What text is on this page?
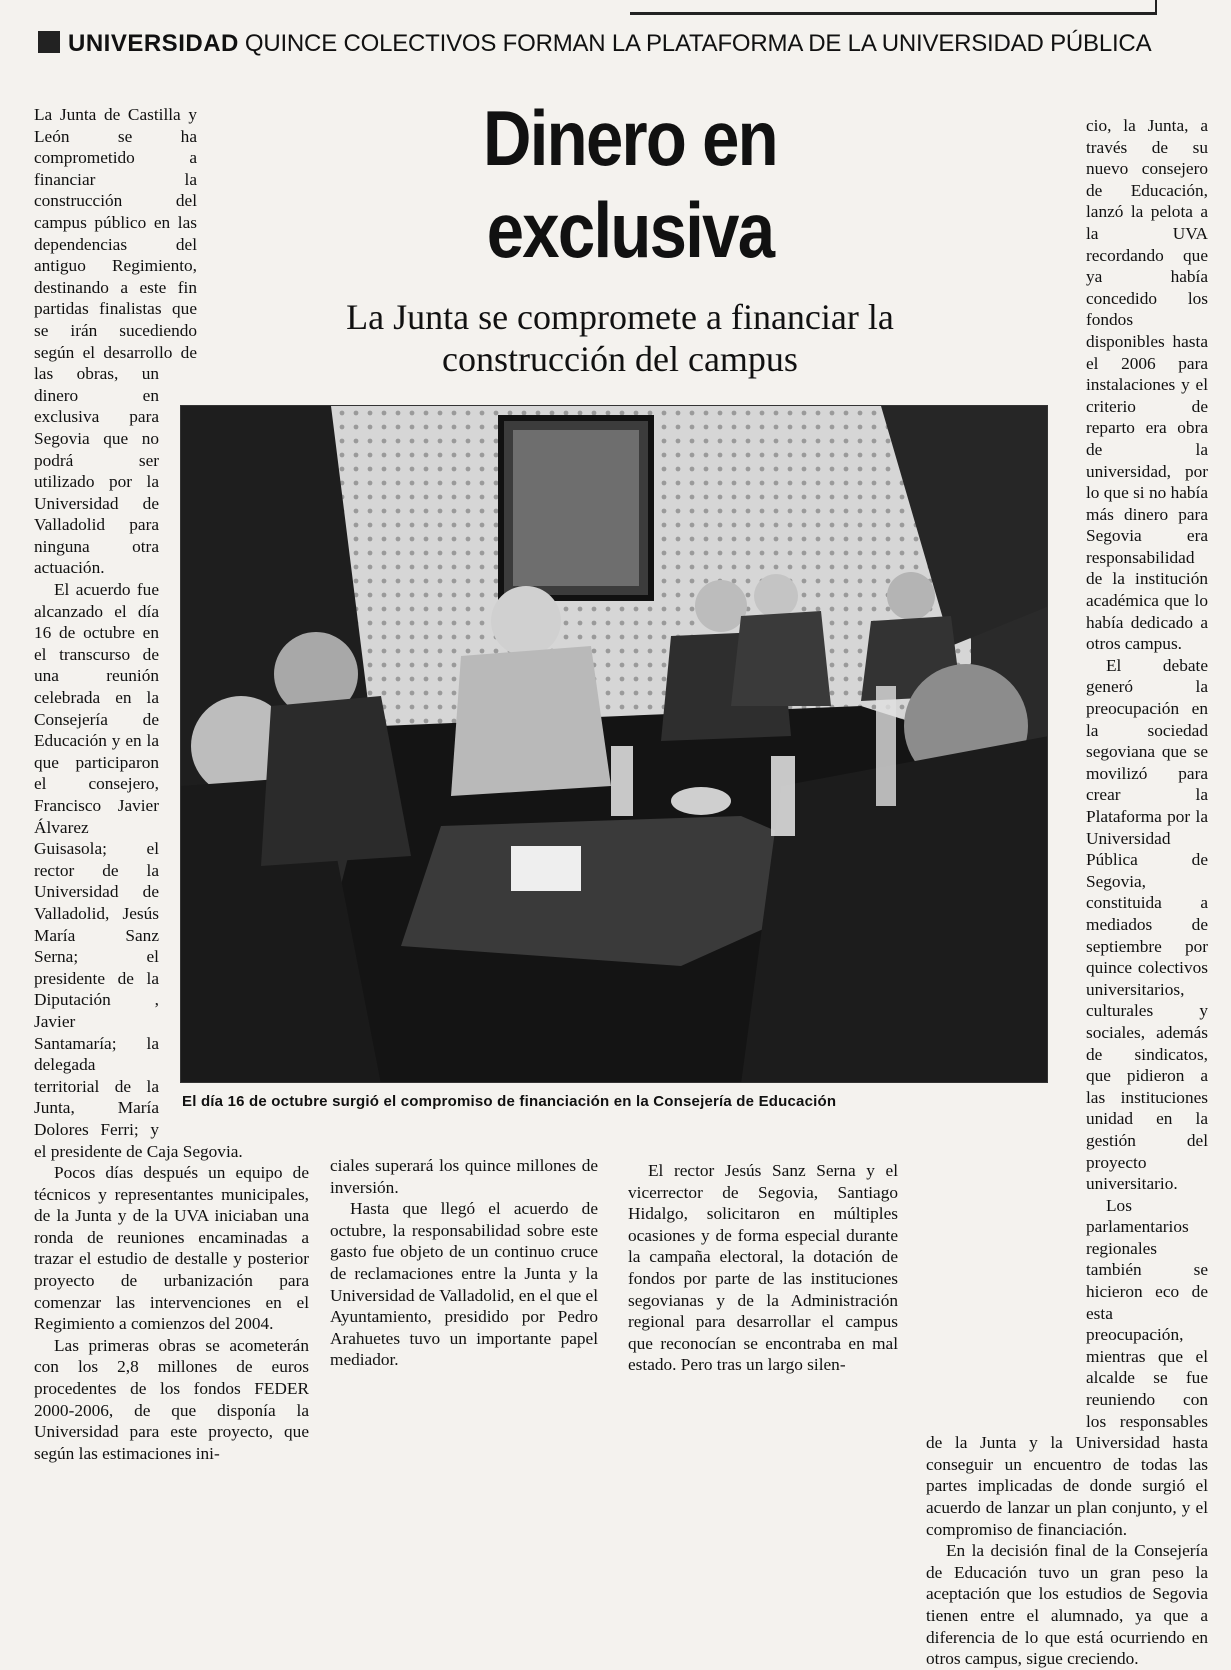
UNIVERSIDAD QUINCE COLECTIVOS FORMAN LA PLATAFORMA DE LA UNIVERSIDAD PÚBLICA
Dinero en exclusiva
La Junta se compromete a financiar la construcción del campus

La Junta de Castilla y León se ha comprometido a financiar la construcción del campus público en las dependencias del antiguo Regimiento, destinando a este fin partidas finalistas que se irán sucediendo según el desarrollo de las obras, un dinero en exclusiva para Segovia que no podrá ser utilizado por la Universidad de Valladolid para ninguna otra actuación.

El acuerdo fue alcanzado el día 16 de octubre en el transcurso de una reunión celebrada en la Consejería de Educación y en la que participaron el consejero, Francisco Javier Álvarez Guisasola; el rector de la Universidad de Valladolid, Jesús María Sanz Serna; el presidente de la Diputación , Javier Santamaría; la delegada territorial de la Junta, María Dolores Ferri; y el presidente de Caja Segovia.

Pocos días después un equipo de técnicos y representantes municipales, de la Junta y de la UVA iniciaban una ronda de reuniones encaminadas a trazar el estudio de destalle y posterior proyecto de urbanización para comenzar las intervenciones en el Regimiento a comienzos del 2004.

Las primeras obras se acometerán con los 2,8 millones de euros procedentes de los fondos FEDER 2000-2006, de que disponía la Universidad para este proyecto, que según las estimaciones ini-

ciales superará los quince millones de inversión.

Hasta que llegó el acuerdo de octubre, la responsabilidad sobre este gasto fue objeto de un continuo cruce de reclamaciones entre la Junta y la Universidad de Valladolid, en el que el Ayuntamiento, presidido por Pedro Arahuetes tuvo un importante papel mediador.

El rector Jesús Sanz Serna y el vicerrector de Segovia, Santiago Hidalgo, solicitaron en múltiples ocasiones y de forma especial durante la campaña electoral, la dotación de fondos por parte de las instituciones segovianas y de la Administración regional para desarrollar el campus que reconocían se encontraba en mal estado. Pero tras un largo silen-

cio, la Junta, a través de su nuevo consejero de Educación, lanzó la pelota a la UVA recordando que ya había concedido los fondos disponibles hasta el 2006 para instalaciones y el criterio de reparto era obra de la universidad, por lo que si no había más dinero para Segovia era responsabilidad de la institución académica que lo había dedicado a otros campus.

El debate generó la preocupación en la sociedad segoviana que se movilizó para crear la Plataforma por la Universidad Pública de Segovia, constituida a mediados de septiembre por quince colectivos universitarios, culturales y sociales, además de sindicatos, que pidieron a las instituciones unidad en la gestión del proyecto universitario.

Los parlamentarios regionales también se hicieron eco de esta preocupación, mientras que el alcalde se fue reuniendo con los responsables de la Junta y la Universidad hasta conseguir un encuentro de todas las partes implicadas de donde surgió el acuerdo de lanzar un plan conjunto, y el compromiso de financiación.

En la decisión final de la Consejería de Educación tuvo un gran peso la aceptación que los estudios de Segovia tienen entre el alumnado, ya que a diferencia de lo que está ocurriendo en otros campus, sigue creciendo.

El día 16 de octubre surgió el compromiso de financiación en la Consejería de Educación
